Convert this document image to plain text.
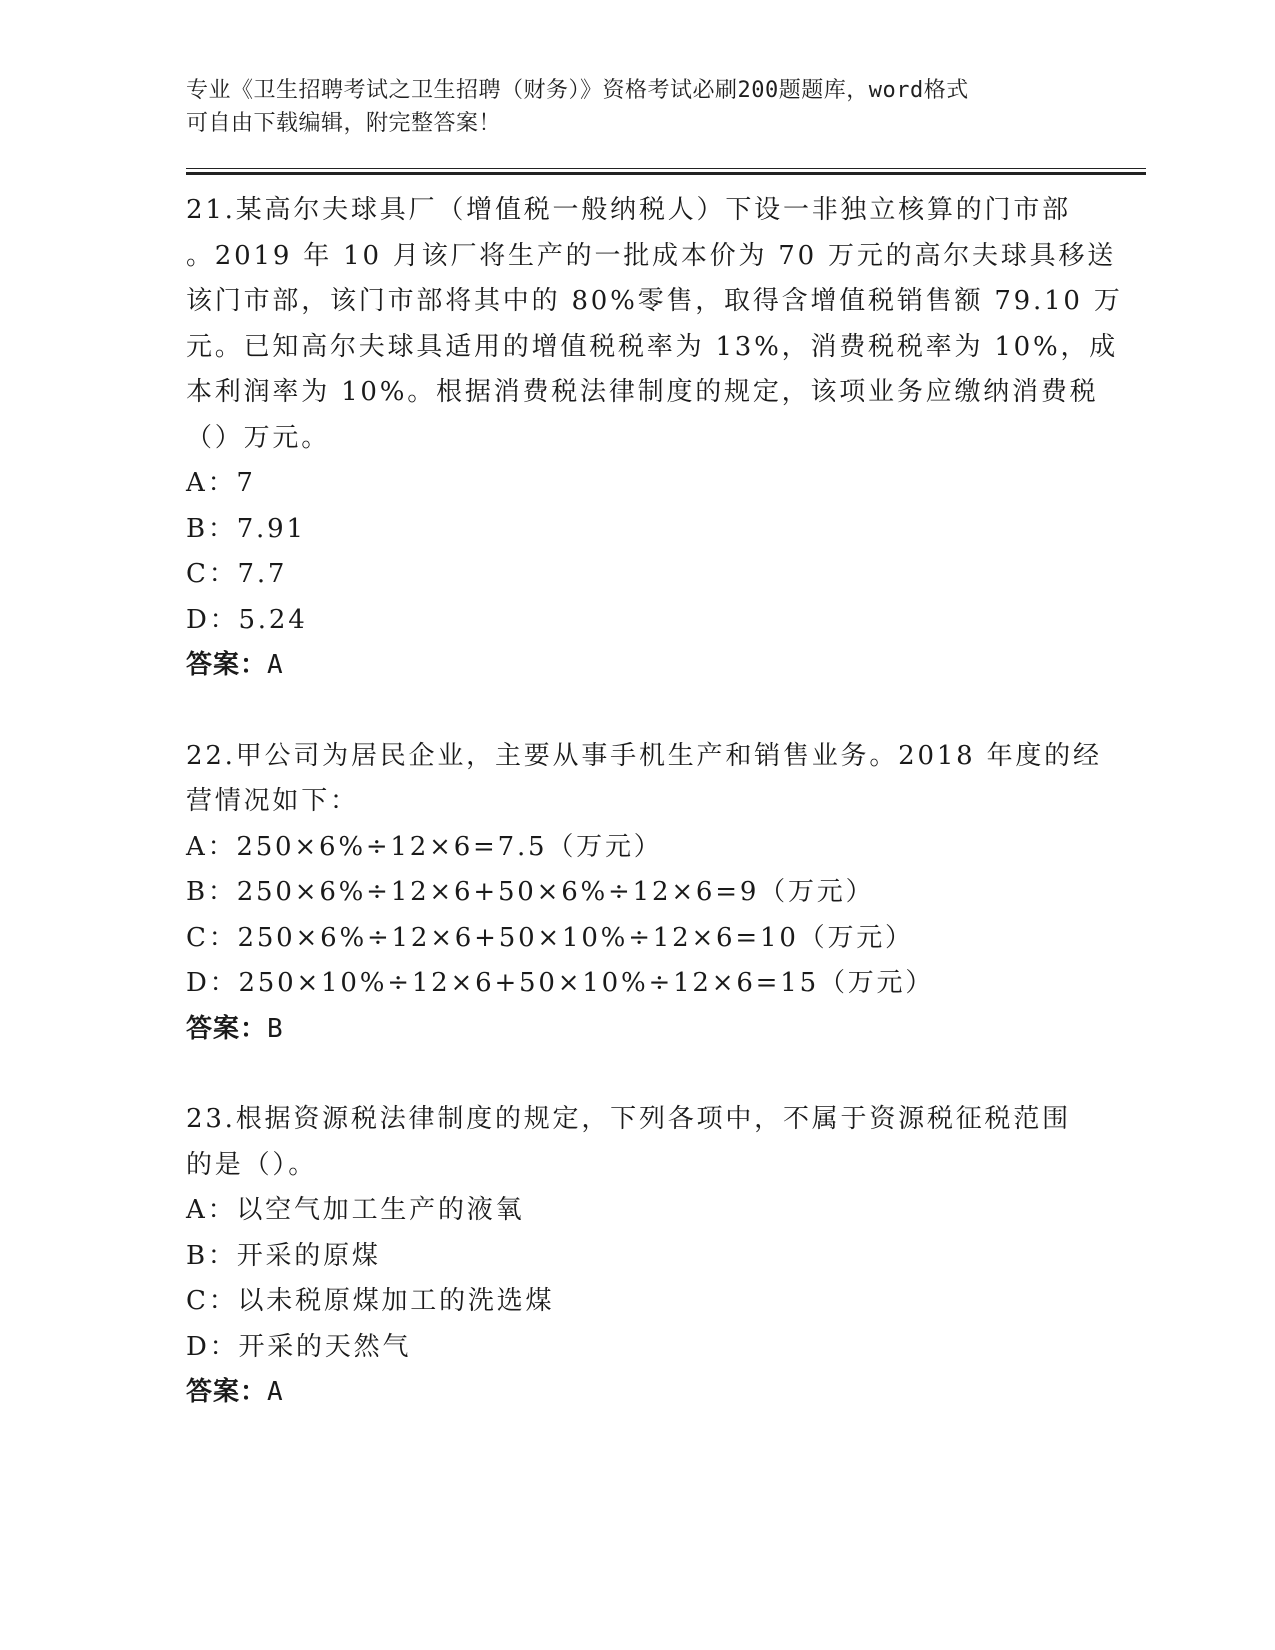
专业《卫生招聘考试之卫生招聘（财务）》资格考试必刷200题题库，word格式
可自由下载编辑，附完整答案！

21.某高尔夫球具厂（增值税一般纳税人）下设一非独立核算的门市部

。2019 年 10 月该厂将生产的一批成本价为 70 万元的高尔夫球具移送

该门市部，该门市部将其中的 80%零售，取得含增值税销售额 79.10 万

元。已知高尔夫球具适用的增值税税率为 13%，消费税税率为 10%，成

本利润率为 10%。根据消费税法律制度的规定，该项业务应缴纳消费税

（）万元。

A：7

B：7.91

C：7.7

D：5.24

答案：A

22.甲公司为居民企业，主要从事手机生产和销售业务。2018 年度的经

营情况如下：

A：250×6%÷12×6=7.5（万元）

B：250×6%÷12×6+50×6%÷12×6=9（万元）

C：250×6%÷12×6+50×10%÷12×6=10（万元）

D：250×10%÷12×6+50×10%÷12×6=15（万元）

答案：B

23.根据资源税法律制度的规定，下列各项中，不属于资源税征税范围

的是（）。

A：以空气加工生产的液氧

B：开采的原煤

C：以未税原煤加工的洗选煤

D：开采的天然气

答案：A
